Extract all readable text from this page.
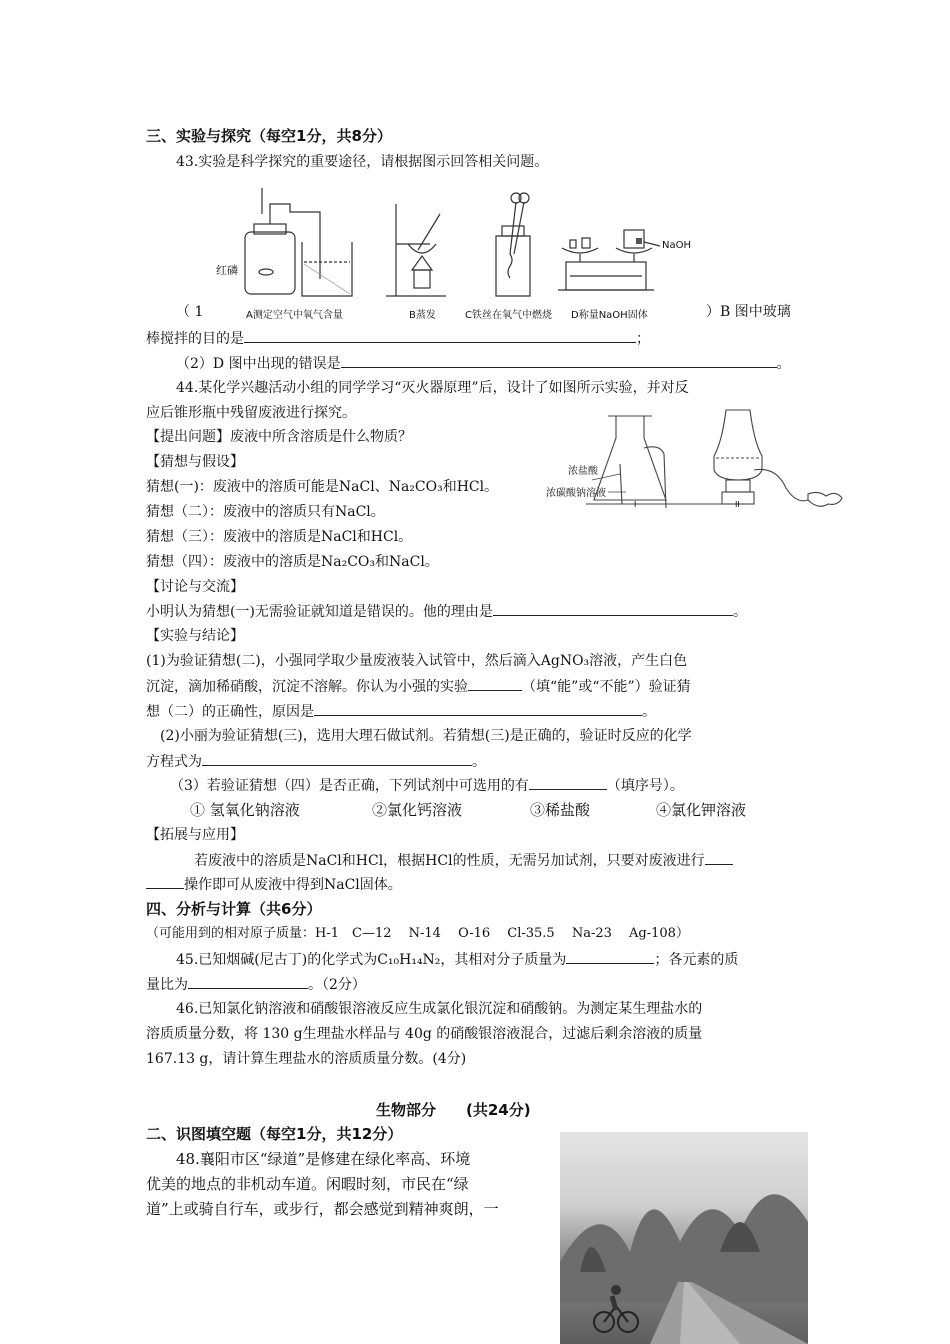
三、实验与探究（每空1分，共8分）
43.实验是科学探究的重要途径，请根据图示回答相关问题。
红磷
NaOH
A测定空气中氧气含量	B蒸发	C铁丝在氧气中燃烧 D称量NaOH固体
（ 1	）B 图中玻璃
棒搅拌的目的是	；
（2）D 图中出现的错误是	。
44.某化学兴趣活动小组的同学学习“灭火器原理”后，设计了如图所示实验，并对反
应后锥形瓶中残留废液进行探究。
浓盐酸
浓碳酸钠溶液
I	II
【提出问题】废液中所含溶质是什么物质？
【猜想与假设】
猜想(一)：废液中的溶质可能是NaCl、Na₂CO₃和HCl。
猜想（二）：废液中的溶质只有NaCl。
猜想（三）：废液中的溶质是NaCl和HCl。
猜想（四）：废液中的溶质是Na₂CO₃和NaCl。
【讨论与交流】
小明认为猜想(一)无需验证就知道是错误的。他的理由是	。
【实验与结论】
(1)为验证猜想(二)，小强同学取少量废液装入试管中，然后滴入AgNO₃溶液，产生白色
沉淀，滴加稀硝酸，沉淀不溶解。你认为小强的实验	（填“能”或“不能”）验证猜
想（二）的正确性，原因是	。
(2)小丽为验证猜想(三)，选用大理石做试剂。若猜想(三)是正确的，验证时反应的化学
方程式为	。
（3）若验证猜想（四）是否正确，下列试剂中可选用的有	（填序号）。
① 氢氧化钠溶液	②氯化钙溶液	③稀盐酸	④氯化钾溶液
【拓展与应用】
若废液中的溶质是NaCl和HCl，根据HCl的性质，无需另加试剂，只要对废液进行
操作即可从废液中得到NaCl固体。
四、分析与计算（共6分）
（可能用到的相对原子质量：H-1　C—12　 N-14　 O-16　 Cl-35.5　 Na-23　 Ag-108）
45.已知烟碱(尼古丁)的化学式为C₁₀H₁₄N₂，其相对分子质量为	；各元素的质
量比为	。（2分）
46.已知氯化钠溶液和硝酸银溶液反应生成氯化银沉淀和硝酸钠。为测定某生理盐水的
溶质质量分数，将 130 g生理盐水样品与 40g 的硝酸银溶液混合，过滤后剩余溶液的质量
167.13 g，请计算生理盐水的溶质质量分数。(4分)
生物部分　　(共24分)
二、识图填空题（每空1分，共12分）
48.襄阳市区“绿道”是修建在绿化率高、环境
优美的地点的非机动车道。闲暇时刻，市民在“绿
道”上或骑自行车，或步行，都会感觉到精神爽朗，一
